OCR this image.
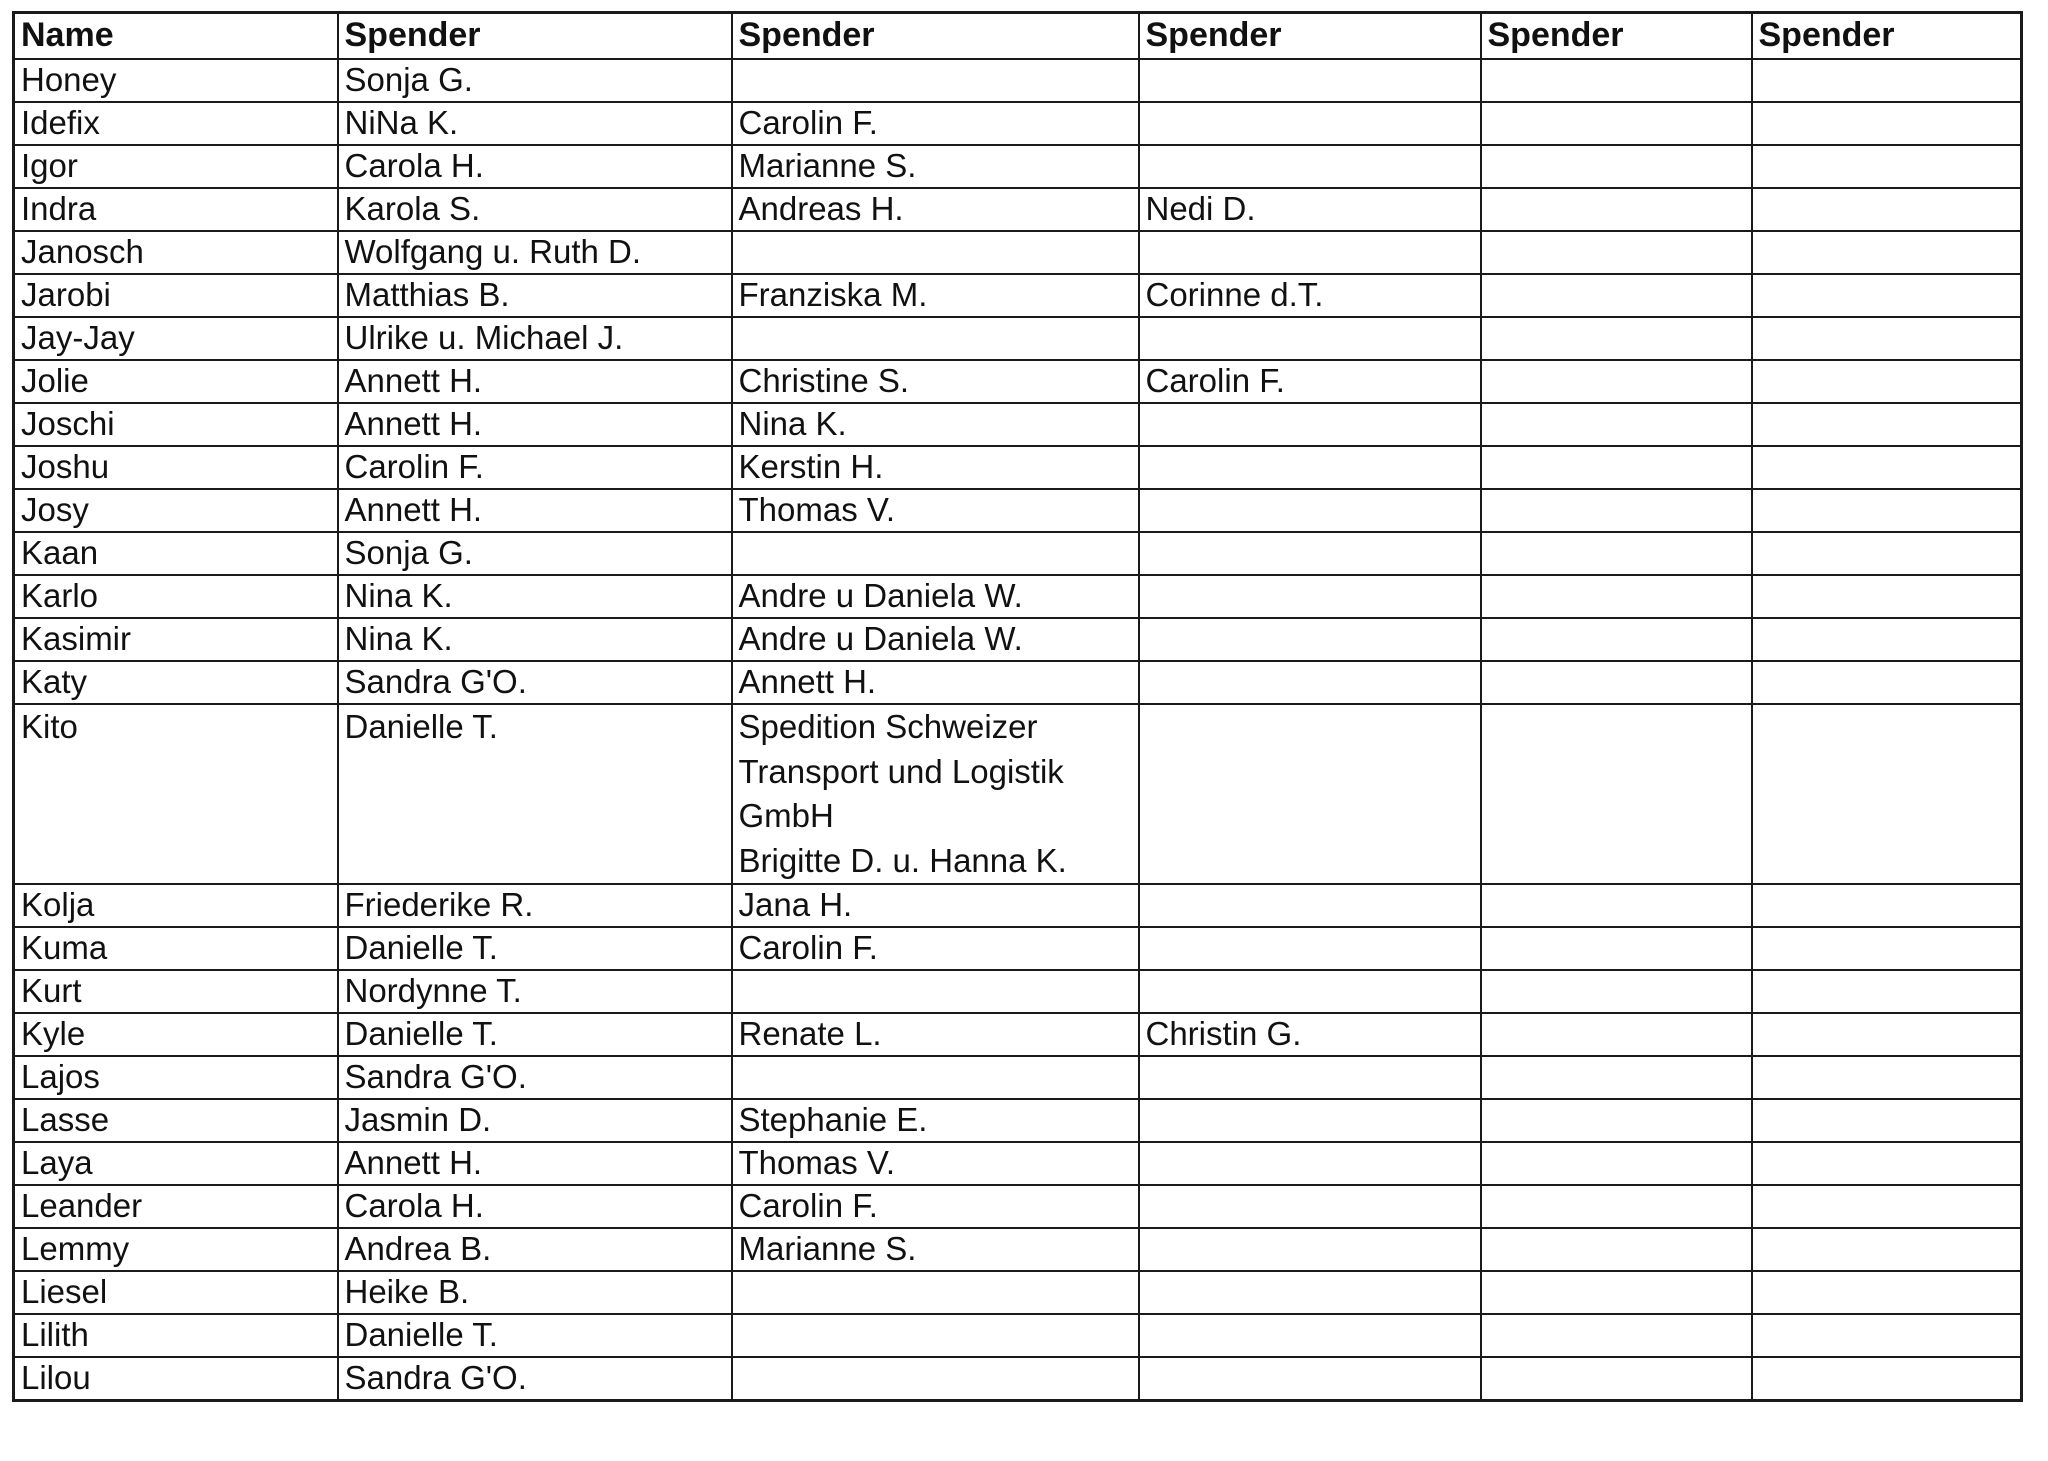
Name	Spender	Spender	Spender	Spender	Spender
Honey	Sonja G.				
Idefix	NiNa K.	Carolin F.			
Igor	Carola H.	Marianne S.			
Indra	Karola S.	Andreas H.	Nedi D.		
Janosch	Wolfgang u. Ruth D.				
Jarobi	Matthias B.	Franziska M.	Corinne d.T.		
Jay-Jay	Ulrike u. Michael J.				
Jolie	Annett H.	Christine S.	Carolin F.		
Joschi	Annett H.	Nina K.			
Joshu	Carolin F.	Kerstin H.			
Josy	Annett H.	Thomas V.			
Kaan	Sonja G.				
Karlo	Nina K.	Andre u Daniela W.			
Kasimir	Nina K.	Andre u Daniela W.			
Katy	Sandra G'O.	Annett H.			
Kito	Danielle T.	Spedition Schweizer
Transport und Logistik
GmbH
Brigitte D. u. Hanna K.			

Kolja	Friederike R.	Jana H.			
Kuma	Danielle T.	Carolin F.			
Kurt	Nordynne T.				
Kyle	Danielle T.	Renate L.	Christin G.		
Lajos	Sandra G'O.				
Lasse	Jasmin D.	Stephanie E.			
Laya	Annett H.	Thomas V.			
Leander	Carola H.	Carolin F.			
Lemmy	Andrea B.	Marianne S.			
Liesel	Heike B.				
Lilith	Danielle T.				
Lilou	Sandra G'O.				
